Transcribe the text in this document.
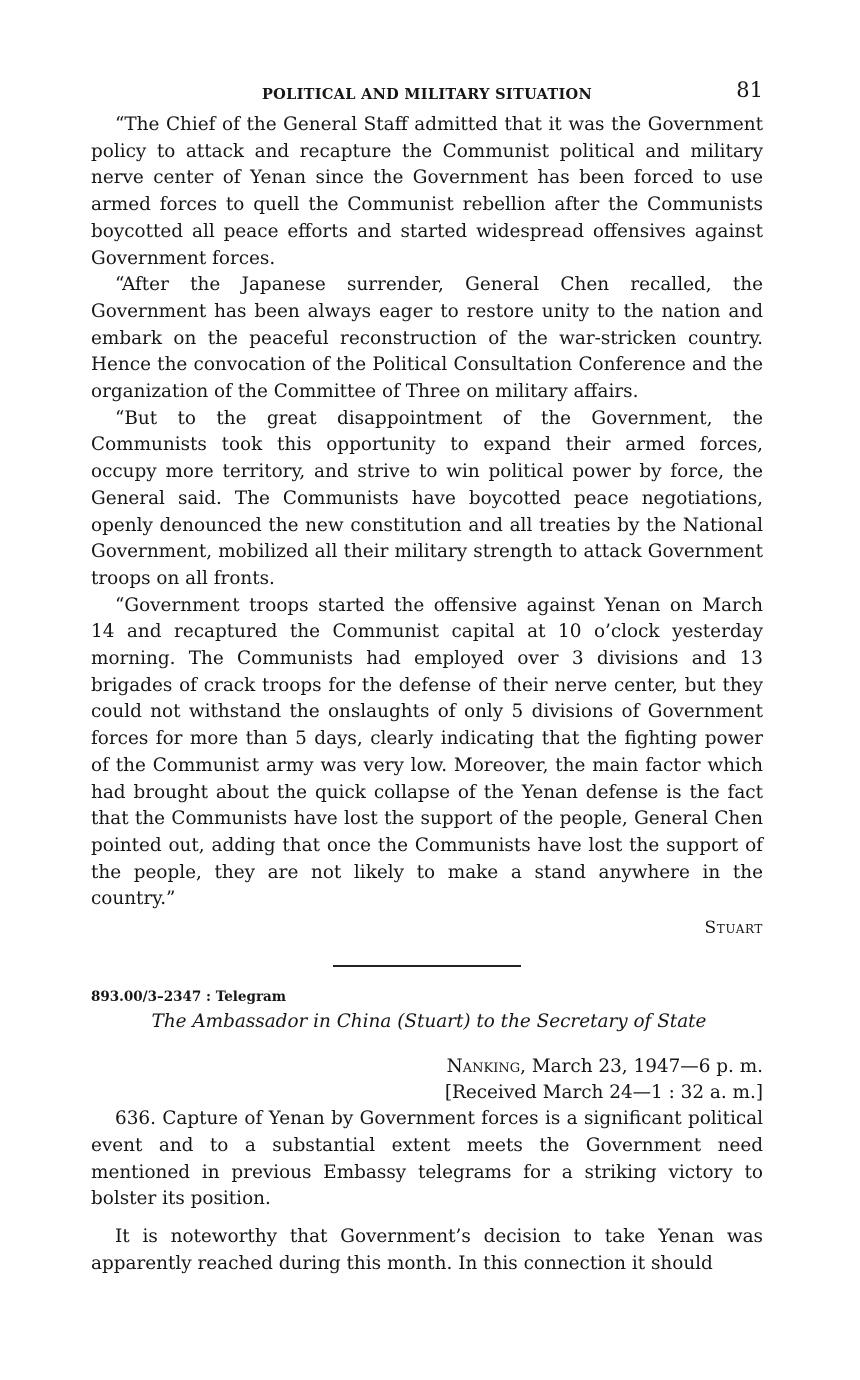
POLITICAL AND MILITARY SITUATION	81

“The Chief of the General Staff admitted that it was the Government policy to attack and recapture the Communist political and military nerve center of Yenan since the Government has been forced to use armed forces to quell the Communist rebellion after the Communists boycotted all peace efforts and started widespread offensives against Government forces.

“After the Japanese surrender, General Chen recalled, the Government has been always eager to restore unity to the nation and embark on the peaceful reconstruction of the war-stricken country. Hence the convocation of the Political Consultation Conference and the organization of the Committee of Three on military affairs.

“But to the great disappointment of the Government, the Communists took this opportunity to expand their armed forces, occupy more territory, and strive to win political power by force, the General said. The Communists have boycotted peace negotiations, openly denounced the new constitution and all treaties by the National Government, mobilized all their military strength to attack Government troops on all fronts.

“Government troops started the offensive against Yenan on March 14 and recaptured the Communist capital at 10 o’clock yesterday morning. The Communists had employed over 3 divisions and 13 brigades of crack troops for the defense of their nerve center, but they could not withstand the onslaughts of only 5 divisions of Government forces for more than 5 days, clearly indicating that the fighting power of the Communist army was very low. Moreover, the main factor which had brought about the quick collapse of the Yenan defense is the fact that the Communists have lost the support of the people, General Chen pointed out, adding that once the Communists have lost the support of the people, they are not likely to make a stand anywhere in the country.”

Stuart
893.00/3–2347 : Telegram
The Ambassador in China (Stuart) to the Secretary of State
Nanking, March 23, 1947—6 p. m.
[Received March 24—1 : 32 a. m.]

636. Capture of Yenan by Government forces is a significant political event and to a substantial extent meets the Government need mentioned in previous Embassy telegrams for a striking victory to bolster its position.

It is noteworthy that Government’s decision to take Yenan was apparently reached during this month. In this connection it should
